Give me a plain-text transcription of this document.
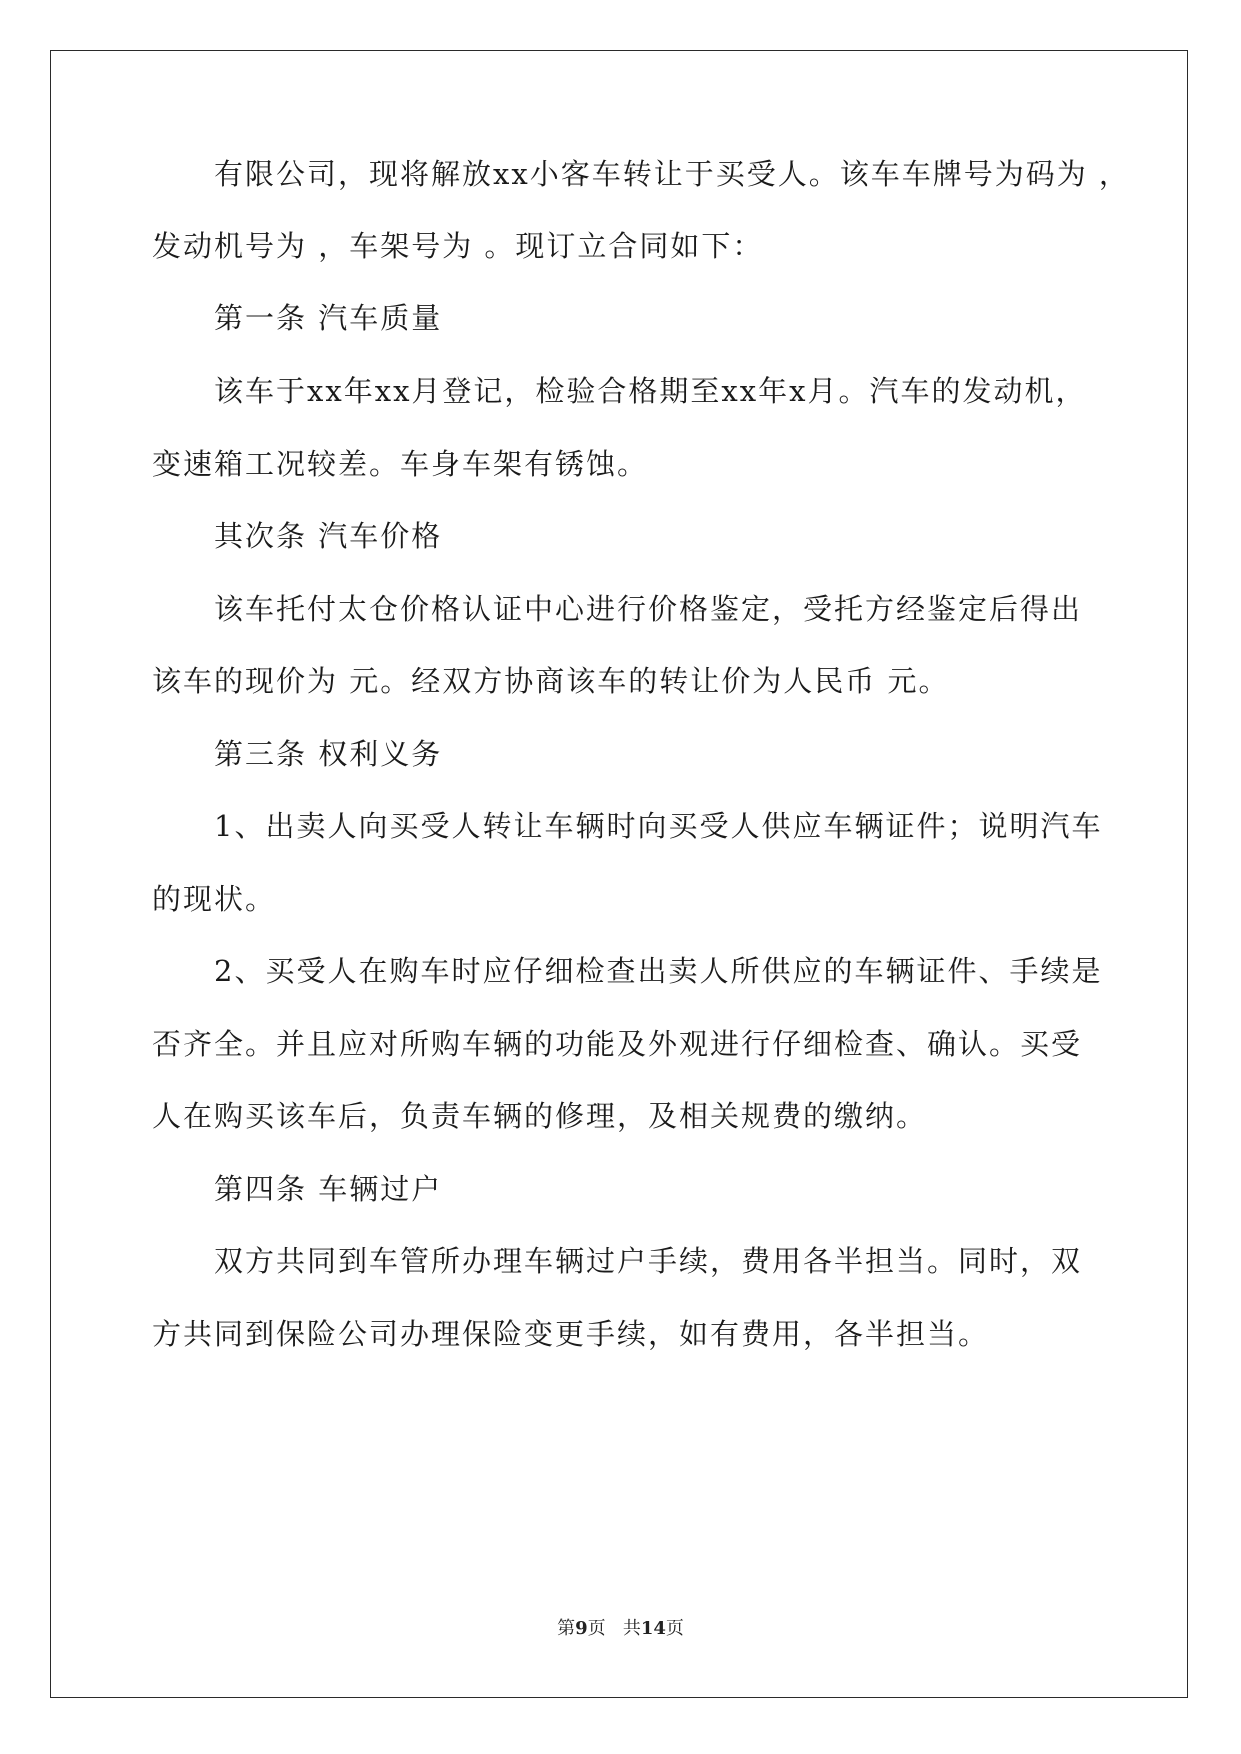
有限公司，现将解放xx小客车转让于买受人。该车车牌号为码为 ，
发动机号为 ，车架号为 。现订立合同如下：
第一条 汽车质量
该车于xx年xx月登记，检验合格期至xx年x月。汽车的发动机，
变速箱工况较差。车身车架有锈蚀。
其次条 汽车价格
该车托付太仓价格认证中心进行价格鉴定，受托方经鉴定后得出
该车的现价为 元。经双方协商该车的转让价为人民币 元。
第三条 权利义务
1、出卖人向买受人转让车辆时向买受人供应车辆证件；说明汽车
的现状。
2、买受人在购车时应仔细检查出卖人所供应的车辆证件、手续是
否齐全。并且应对所购车辆的功能及外观进行仔细检查、确认。买受
人在购买该车后，负责车辆的修理，及相关规费的缴纳。
第四条 车辆过户
双方共同到车管所办理车辆过户手续，费用各半担当。同时，双
方共同到保险公司办理保险变更手续，如有费用，各半担当。
第9页 共14页
